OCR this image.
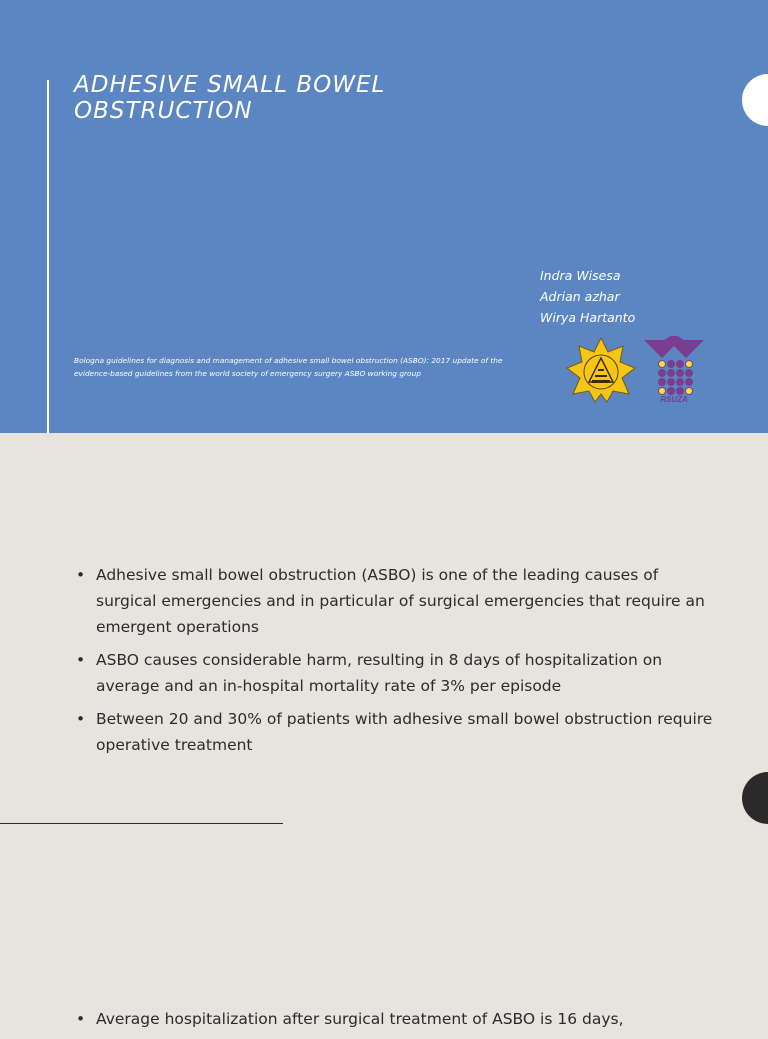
ADHESIVE SMALL BOWEL OBSTRUCTION
Indra Wisesa
Adrian azhar
Wirya Hartanto
Bologna guidelines for diagnosis and management of adhesive small bowel obstruction (ASBO): 2017 update of the evidence-based guidelines from the world society of emergency surgery ASBO working group
RSUZA
• Adhesive small bowel obstruction (ASBO) is one of the leading causes of surgical emergencies and in particular of surgical emergencies that require an emergent operations
• ASBO causes considerable harm, resulting in 8 days of hospitalization on average and an in-hospital mortality rate of 3% per episode
• Between 20 and 30% of patients with adhesive small bowel obstruction require operative treatment
• Average hospitalization after surgical treatment of ASBO is 16 days,
